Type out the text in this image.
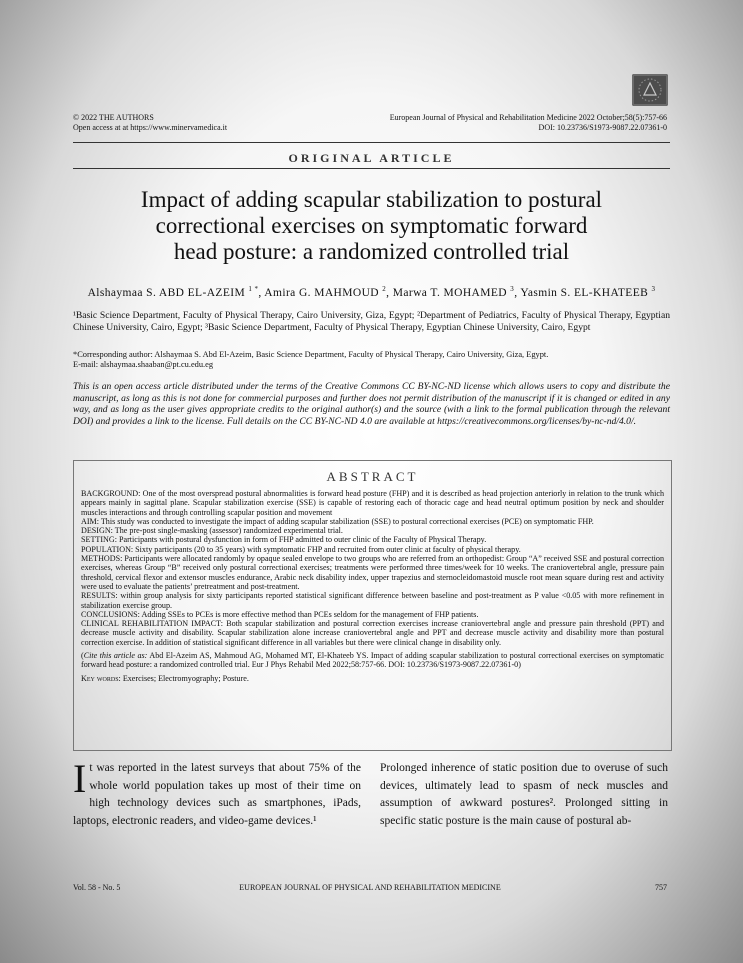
© 2022 THE AUTHORS
Open access at at https://www.minervamedica.it
European Journal of Physical and Rehabilitation Medicine 2022 October;58(5):757-66
DOI: 10.23736/S1973-9087.22.07361-0
ORIGINAL ARTICLE
Impact of adding scapular stabilization to postural
correctional exercises on symptomatic forward
head posture: a randomized controlled trial
Alshaymaa S. ABD EL-AZEIM $^{1 *}$, Amira G. MAHMOUD $^2$, Marwa T. MOHAMED $^3$, Yasmin S. EL-KHATEEB $^3$
¹Basic Science Department, Faculty of Physical Therapy, Cairo University, Giza, Egypt; ²Department of Pediatrics, Faculty of Physical Therapy, Egyptian Chinese University, Cairo, Egypt; ³Basic Science Department, Faculty of Physical Therapy, Egyptian Chinese University, Cairo, Egypt
*Corresponding author: Alshaymaa S. Abd El-Azeim, Basic Science Department, Faculty of Physical Therapy, Cairo University, Giza, Egypt.
E-mail: alshaymaa.shaaban@pt.cu.edu.eg
This is an open access article distributed under the terms of the Creative Commons CC BY-NC-ND license which allows users to copy and distribute the manuscript, as long as this is not done for commercial purposes and further does not permit distribution of the manuscript if it is changed or edited in any way, and as long as the user gives appropriate credits to the original author(s) and the source (with a link to the formal publication through the relevant DOI) and provides a link to the license. Full details on the CC BY-NC-ND 4.0 are available at https://creativecommons.org/licenses/by-nc-nd/4.0/.
ABSTRACT

BACKGROUND: One of the most overspread postural abnormalities is forward head posture (FHP) and it is described as head projection anteriorly in relation to the trunk which appears mainly in sagittal plane. Scapular stabilization exercise (SSE) is capable of restoring each of thoracic cage and head neutral optimum position by neck and shoulder muscles interactions and through controlling scapular position and movement

AIM: This study was conducted to investigate the impact of adding scapular stabilization (SSE) to postural correctional exercises (PCE) on symptomatic FHP.

DESIGN: The pre-post single-masking (assessor) randomized experimental trial.

SETTING: Participants with postural dysfunction in form of FHP admitted to outer clinic of the Faculty of Physical Therapy.

POPULATION: Sixty participants (20 to 35 years) with symptomatic FHP and recruited from outer clinic at faculty of physical therapy.

METHODS: Participants were allocated randomly by opaque sealed envelope to two groups who are referred from an orthopedist: Group “A” received SSE and postural correction exercises, whereas Group “B” received only postural correctional exercises; treatments were performed three times/week for 10 weeks. The craniovertebral angle, pressure pain threshold, cervical flexor and extensor muscles endurance, Arabic neck disability index, upper trapezius and sternocleidomastoid muscle root mean square during rest and activity were used to evaluate the patients’ pretreatment and post-treatment.

RESULTS: within group analysis for sixty participants reported statistical significant difference between baseline and post-treatment as P value <0.05 with more refinement in stabilization exercise group.

CONCLUSIONS: Adding SSEs to PCEs is more effective method than PCEs seldom for the management of FHP patients.

CLINICAL REHABILITATION IMPACT: Both scapular stabilization and postural correction exercises increase craniovertebral angle and pressure pain threshold (PPT) and decrease muscle activity and disability. Scapular stabilization alone increase craniovertebral angle and PPT and decrease muscle activity and disability more than postural correction exercise. In addition of statistical significant difference in all variables but there were clinical change in disability only.

(Cite this article as: Abd El-Azeim AS, Mahmoud AG, Mohamed MT, El-Khateeb YS. Impact of adding scapular stabilization to postural correctional exercises on symptomatic forward head posture: a randomized controlled trial. Eur J Phys Rehabil Med 2022;58:757-66. DOI: 10.23736/S1973-9087.22.07361-0)

Key words: Exercises; Electromyography; Posture.

It was reported in the latest surveys that about 75% of the whole world population takes up most of their time on high technology devices such as smartphones, iPads, laptops, electronic readers, and video-game devices.¹
Prolonged inherence of static position due to overuse of such devices, ultimately lead to spasm of neck muscles and assumption of awkward postures². Prolonged sitting in specific static posture is the main cause of postural ab-
Vol. 58 - No. 5	EUROPEAN JOURNAL OF PHYSICAL AND REHABILITATION MEDICINE	757
